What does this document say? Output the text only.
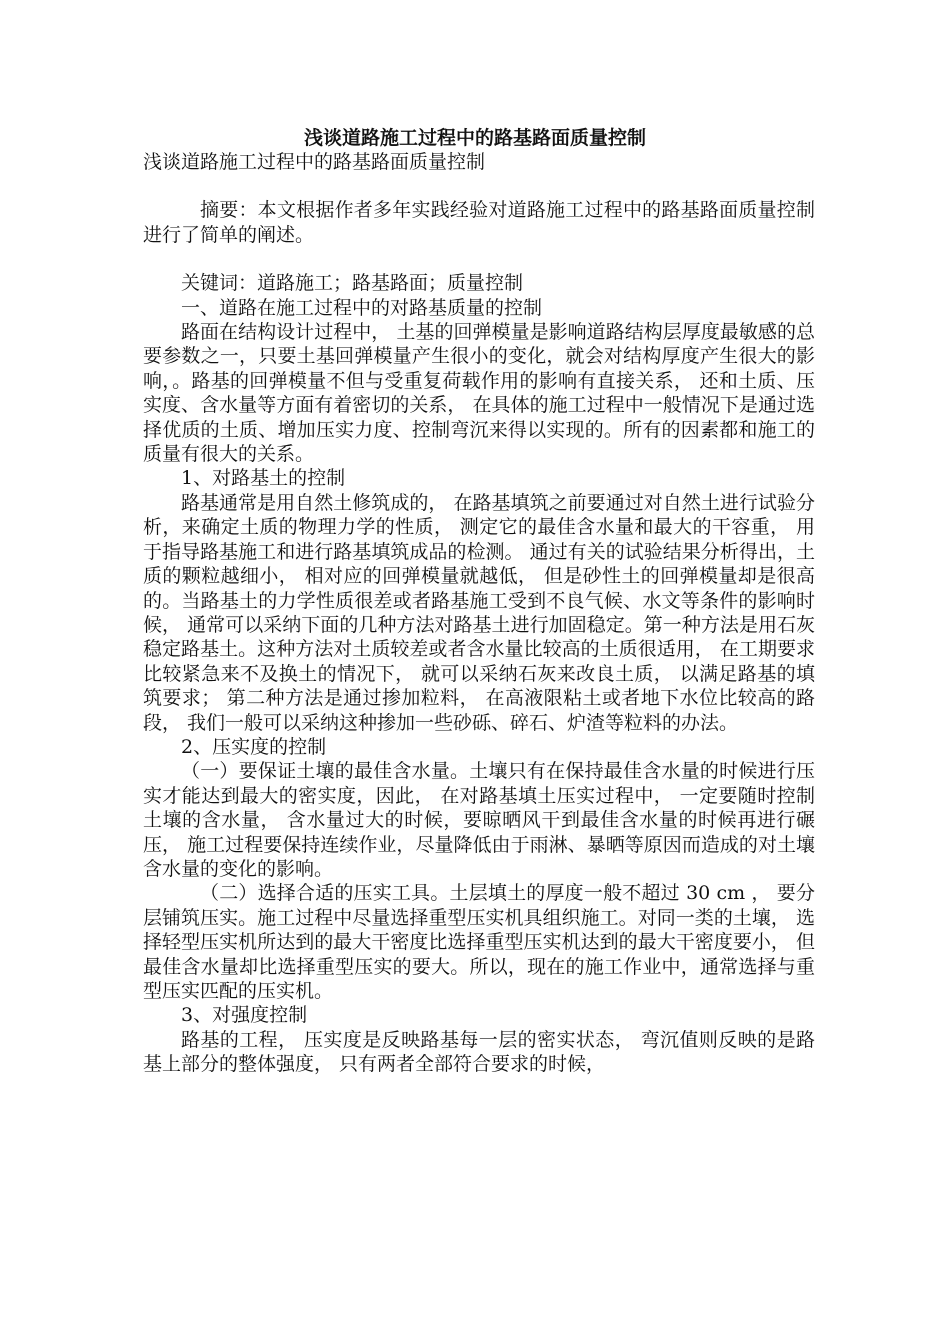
浅谈道路施工过程中的路基路面质量控制

浅谈道路施工过程中的路基路面质量控制

摘要：本文根据作者多年实践经验对道路施工过程中的路基路面质量控制进行了简单的阐述。

关键词：道路施工；路基路面；质量控制

一、道路在施工过程中的对路基质量的控制

路面在结构设计过程中， 土基的回弹模量是影响道路结构层厚度最敏感的总要参数之一，只要土基回弹模量产生很小的变化，就会对结构厚度产生很大的影响，。路基的回弹模量不但与受重复荷载作用的影响有直接关系， 还和土质、压实度、含水量等方面有着密切的关系， 在具体的施工过程中一般情况下是通过选择优质的土质、增加压实力度、控制弯沉来得以实现的。所有的因素都和施工的质量有很大的关系。

1、对路基土的控制

路基通常是用自然土修筑成的， 在路基填筑之前要通过对自然土进行试验分析，来确定土质的物理力学的性质， 测定它的最佳含水量和最大的干容重， 用于指导路基施工和进行路基填筑成品的检测。 通过有关的试验结果分析得出，土质的颗粒越细小， 相对应的回弹模量就越低， 但是砂性土的回弹模量却是很高的。当路基土的力学性质很差或者路基施工受到不良气候、水文等条件的影响时候， 通常可以采纳下面的几种方法对路基土进行加固稳定。第一种方法是用石灰稳定路基土。这种方法对土质较差或者含水量比较高的土质很适用， 在工期要求比较紧急来不及换土的情况下， 就可以采纳石灰来改良土质， 以满足路基的填筑要求； 第二种方法是通过掺加粒料， 在高液限粘土或者地下水位比较高的路段， 我们一般可以采纳这种掺加一些砂砾、碎石、炉渣等粒料的办法。

2、压实度的控制

（一）要保证土壤的最佳含水量。土壤只有在保持最佳含水量的时候进行压实才能达到最大的密实度，因此， 在对路基填土压实过程中， 一定要随时控制土壤的含水量， 含水量过大的时候，要晾晒风干到最佳含水量的时候再进行碾压， 施工过程要保持连续作业，尽量降低由于雨淋、暴晒等原因而造成的对土壤含水量的变化的影响。

（二）选择合适的压实工具。土层填土的厚度一般不超过 30 cm ， 要分层铺筑压实。施工过程中尽量选择重型压实机具组织施工。对同一类的土壤， 选择轻型压实机所达到的最大干密度比选择重型压实机达到的最大干密度要小， 但最佳含水量却比选择重型压实的要大。所以，现在的施工作业中，通常选择与重型压实匹配的压实机。

3、对强度控制

路基的工程， 压实度是反映路基每一层的密实状态， 弯沉值则反映的是路基上部分的整体强度， 只有两者全部符合要求的时候，
